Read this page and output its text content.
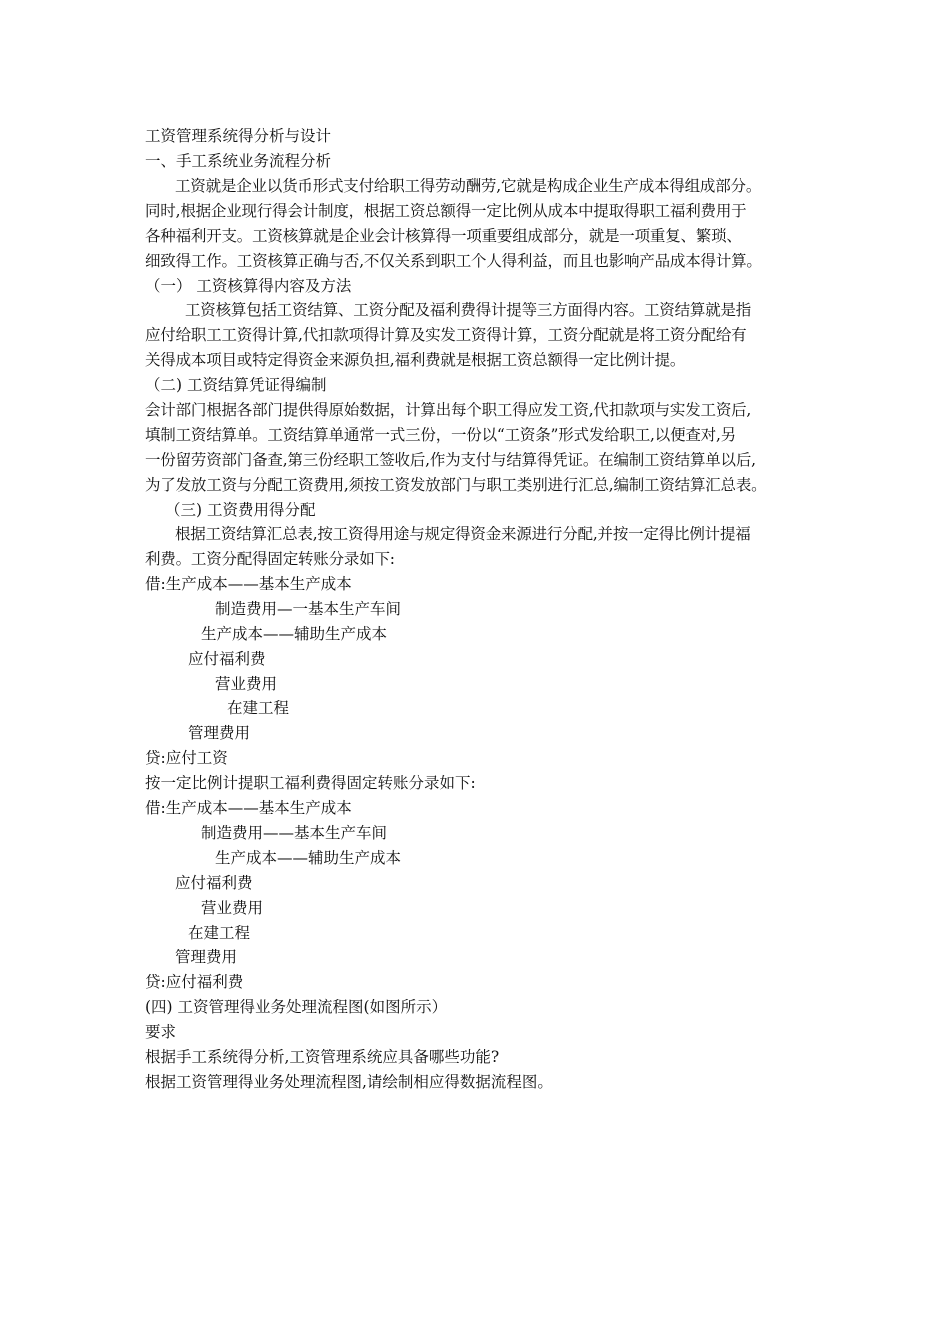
工资管理系统得分析与设计
一、手工系统业务流程分析
工资就是企业以货币形式支付给职工得劳动酬劳,它就是构成企业生产成本得组成部分。
同时,根据企业现行得会计制度，根据工资总额得一定比例从成本中提取得职工福利费用于
各种福利开支。工资核算就是企业会计核算得一项重要组成部分，就是一项重复、繁琐、
细致得工作。工资核算正确与否,不仅关系到职工个人得利益，而且也影响产品成本得计算。
（一） 工资核算得内容及方法
工资核算包括工资结算、工资分配及福利费得计提等三方面得内容。工资结算就是指
应付给职工工资得计算,代扣款项得计算及实发工资得计算，工资分配就是将工资分配给有
关得成本项目或特定得资金来源负担,福利费就是根据工资总额得一定比例计提。
（二) 工资结算凭证得编制
会计部门根据各部门提供得原始数据，计算出每个职工得应发工资,代扣款项与实发工资后,
填制工资结算单。工资结算单通常一式三份，一份以“工资条”形式发给职工,以便查对,另
一份留劳资部门备查,第三份经职工签收后,作为支付与结算得凭证。在编制工资结算单以后,
为了发放工资与分配工资费用,须按工资发放部门与职工类别进行汇总,编制工资结算汇总表。
（三) 工资费用得分配
根据工资结算汇总表,按工资得用途与规定得资金来源进行分配,并按一定得比例计提福
利费。工资分配得固定转账分录如下:
借:生产成本——基本生产成本
制造费用—一基本生产车间
生产成本——辅助生产成本
应付福利费
营业费用
在建工程
管理费用
贷:应付工资
按一定比例计提职工福利费得固定转账分录如下:
借:生产成本——基本生产成本
制造费用——基本生产车间
生产成本——辅助生产成本
应付福利费
营业费用
在建工程
管理费用
贷:应付福利费
(四) 工资管理得业务处理流程图(如图所示）
要求
根据手工系统得分析,工资管理系统应具备哪些功能?
根据工资管理得业务处理流程图,请绘制相应得数据流程图。
